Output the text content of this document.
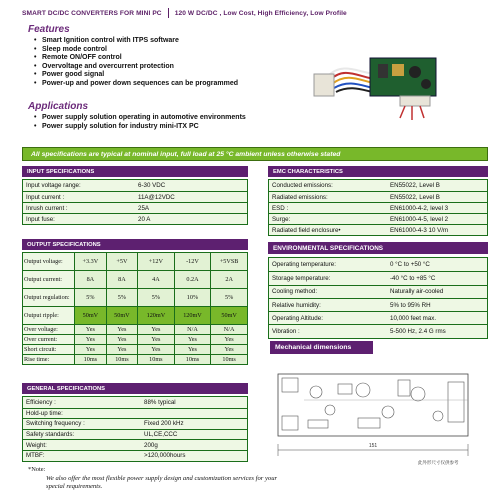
SMART DC/DC CONVERTERS FOR MINI PC 120 W DC/DC , Low Cost, High Efficiency, Low Profile
Features
• Smart Ignition control with ITPS software
• Sleep mode control
• Remote ON/OFF control
• Overvoltage and overcurrent protection
• Power good signal
• Power-up and power down sequences can be programmed
Applications
• Power supply solution operating in automotive environments
• Power supply solution for industry mini-ITX PC
All specifications are typical at nominal input, full load at 25 °C ambient unless otherwise stated
INPUT SPECIFICATIONS
Input voltage range:	6-30 VDC
Input current :	11A@12VDC
Inrush current :	25A
Input fuse:	20 A
EMC CHARACTERISTICS
Conducted emissions:	EN55022, Level B
Radiated emissions:	EN55022, Level B
ESD :	EN61000-4-2, level 3
Surge:	EN61000-4-5, level 2
Radiated field enclosure•	EN61000-4-3 10 V/m
OUTPUT SPECIFICATIONS
Output voltage:	+3.3V	+5V	+12V	-12V	+5VSB
Output current:	8A	8A	4A	0.2A	2A
Output regulation:	5%	5%	5%	10%	5%
Output ripple:	50mV	50mV	120mV	120mV	50mV
Over voltage:	Yes	Yes	Yes	N/A	N/A
Over current:	Yes	Yes	Yes	Yes	Yes
Short circuit:	Yes	Yes	Yes	Yes	Yes
Rise time:	10ms	10ms	10ms	10ms	10ms
ENVIRONMENTAL SPECIFICATIONS
Operating temperature:	0 °C to +50 °C
Storage temperature:	-40 °C to +85 °C
Cooling method:	Naturally air-cooled
Relative humidity:	5% to 95% RH
Operating Altitude:	10,000 feet max.
Vibration :	5-500 Hz, 2.4 G rms
Mechanical dimensions
151
此外形尺寸仅供参考
GENERAL SPECIFICATIONS
Efficiency :	88% typical
Hold-up time:
Switching frequency :	Fixed 200 kHz
Safety standards:	UL,CE,CCC
Weight:	200g
MTBF:	>120,000hours
*Note:
We also offer the most flexible power supply design and customization services for your special requirements.
